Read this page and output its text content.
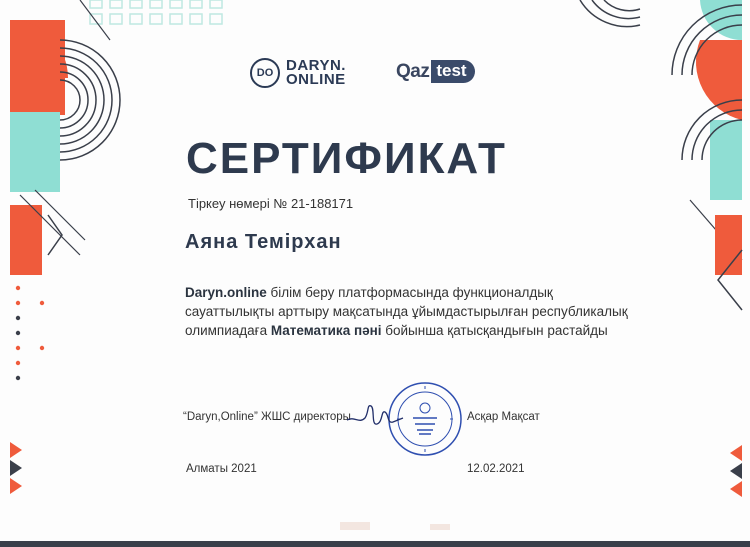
DO DARYN.
ONLINE	Qaz test
СЕРТИФИКАТ
Тіркеу нөмері № 21-188171
Аяна Темірхан
Daryn.online білім беру платформасында функционалдық сауаттылықты арттыру мақсатында ұйымдастырылған республикалық олимпиадаға Математика пәні бойынша қатысқандығын растайды
“Daryn,Online” ЖШС директоры	Асқар Мақсат
Алматы 2021	12.02.2021
